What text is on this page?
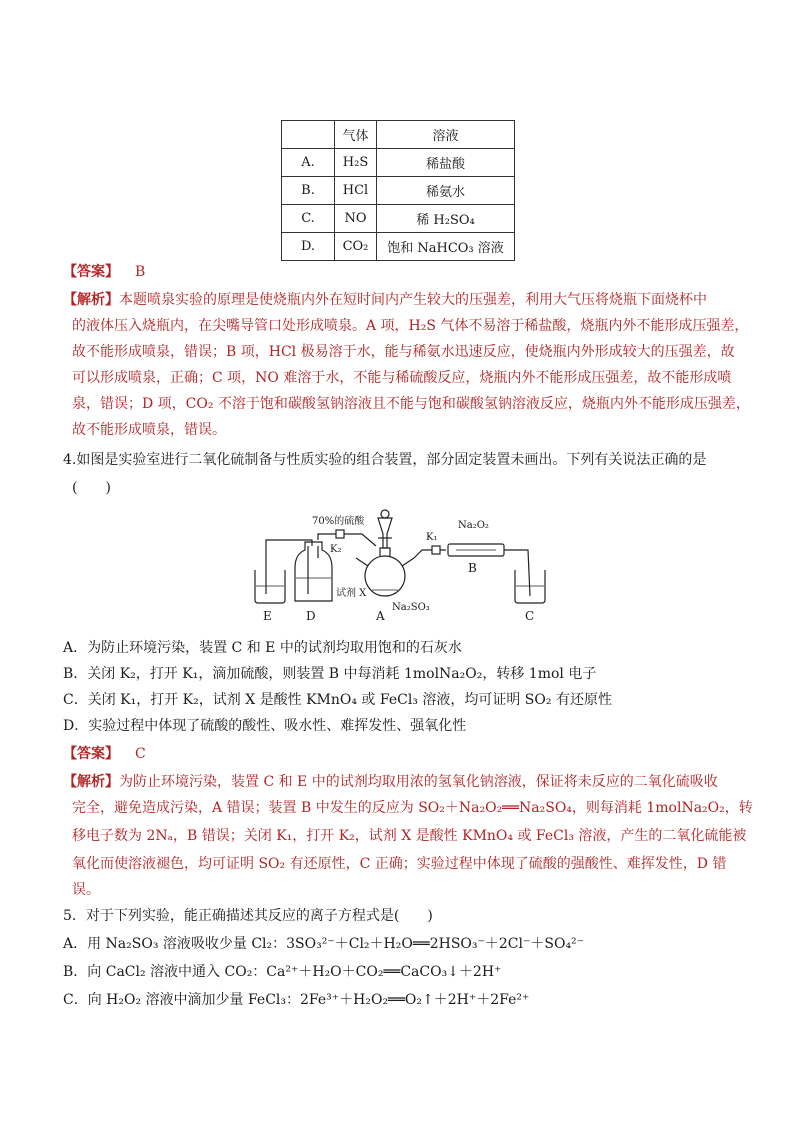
	气体	溶液
A.	H₂S	稀盐酸
B.	HCl	稀氨水
C.	NO	稀 H₂SO₄
D.	CO₂	饱和 NaHCO₃ 溶液
【答案】 B
【解析】本题喷泉实验的原理是使烧瓶内外在短时间内产生较大的压强差，利用大气压将烧瓶下面烧杯中
的液体压入烧瓶内，在尖嘴导管口处形成喷泉。A 项，H₂S 气体不易溶于稀盐酸，烧瓶内外不能形成压强差，
故不能形成喷泉，错误；B 项，HCl 极易溶于水，能与稀氨水迅速反应，使烧瓶内外形成较大的压强差，故
可以形成喷泉，正确；C 项，NO 难溶于水，不能与稀硫酸反应，烧瓶内外不能形成压强差，故不能形成喷
泉，错误；D 项，CO₂ 不溶于饱和碳酸氢钠溶液且不能与饱和碳酸氢钠溶液反应，烧瓶内外不能形成压强差，
故不能形成喷泉，错误。
4.如图是实验室进行二氧化硫制备与性质实验的组合装置，部分固定装置未画出。下列有关说法正确的是
(　　)
70%的硫酸
K₂
K₁
Na₂O₂
试剂 X
Na₂SO₃
E	D	A
B
C
A．为防止环境污染，装置 C 和 E 中的试剂均取用饱和的石灰水
B．关闭 K₂，打开 K₁，滴加硫酸，则装置 B 中每消耗 1molNa₂O₂，转移 1mol 电子
C．关闭 K₁，打开 K₂，试剂 X 是酸性 KMnO₄ 或 FeCl₃ 溶液，均可证明 SO₂ 有还原性
D．实验过程中体现了硫酸的酸性、吸水性、难挥发性、强氧化性
【答案】 C
【解析】为防止环境污染，装置 C 和 E 中的试剂均取用浓的氢氧化钠溶液，保证将未反应的二氧化硫吸收
完全，避免造成污染，A 错误；装置 B 中发生的反应为 SO₂＋Na₂O₂══Na₂SO₄，则每消耗 1molNa₂O₂，转
移电子数为 2Nₐ，B 错误；关闭 K₁，打开 K₂，试剂 X 是酸性 KMnO₄ 或 FeCl₃ 溶液，产生的二氧化硫能被
氧化而使溶液褪色，均可证明 SO₂ 有还原性，C 正确；实验过程中体现了硫酸的强酸性、难挥发性，D 错
误。
5．对于下列实验，能正确描述其反应的离子方程式是(　　)
A．用 Na₂SO₃ 溶液吸收少量 Cl₂：3SO₃²⁻＋Cl₂＋H₂O══2HSO₃⁻＋2Cl⁻＋SO₄²⁻
B．向 CaCl₂ 溶液中通入 CO₂：Ca²⁺＋H₂O＋CO₂══CaCO₃↓＋2H⁺
C．向 H₂O₂ 溶液中滴加少量 FeCl₃：2Fe³⁺＋H₂O₂══O₂↑＋2H⁺＋2Fe²⁺
